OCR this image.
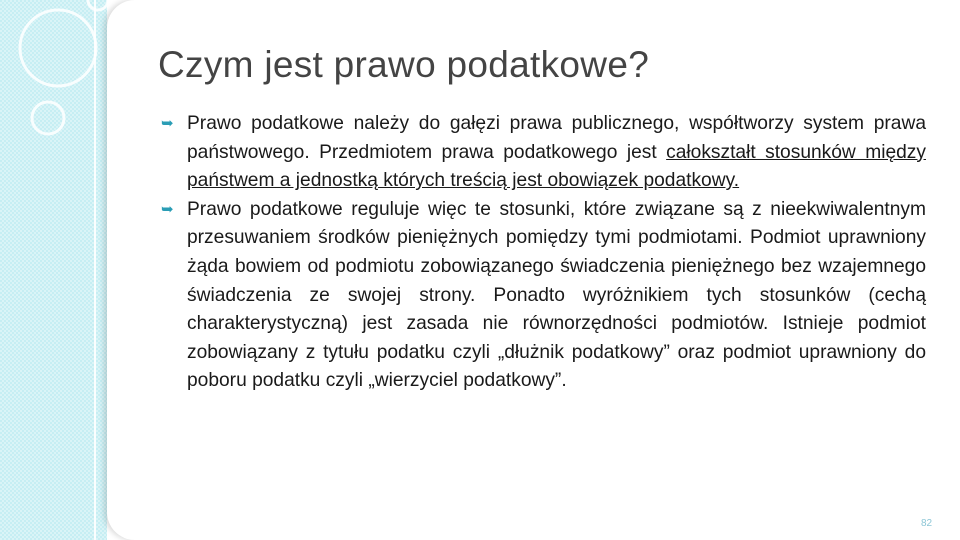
Czym jest prawo podatkowe?

➥ Prawo podatkowe należy do gałęzi prawa publicznego, współtworzy system prawa państwowego. Przedmiotem prawa podatkowego jest całokształt stosunków między państwem a jednostką których treścią jest obowiązek podatkowy.

➥ Prawo podatkowe reguluje więc te stosunki, które związane są z nieekwiwalentnym przesuwaniem środków pieniężnych pomiędzy tymi podmiotami. Podmiot uprawniony żąda bowiem od podmiotu zobowiązanego świadczenia pieniężnego bez wzajemnego świadczenia ze swojej strony. Ponadto wyróżnikiem tych stosunków (cechą charakterystyczną) jest zasada nie równorzędności podmiotów. Istnieje podmiot zobowiązany z tytułu podatku czyli „dłużnik podatkowy” oraz podmiot uprawniony do poboru podatku czyli „wierzyciel podatkowy”.

82
